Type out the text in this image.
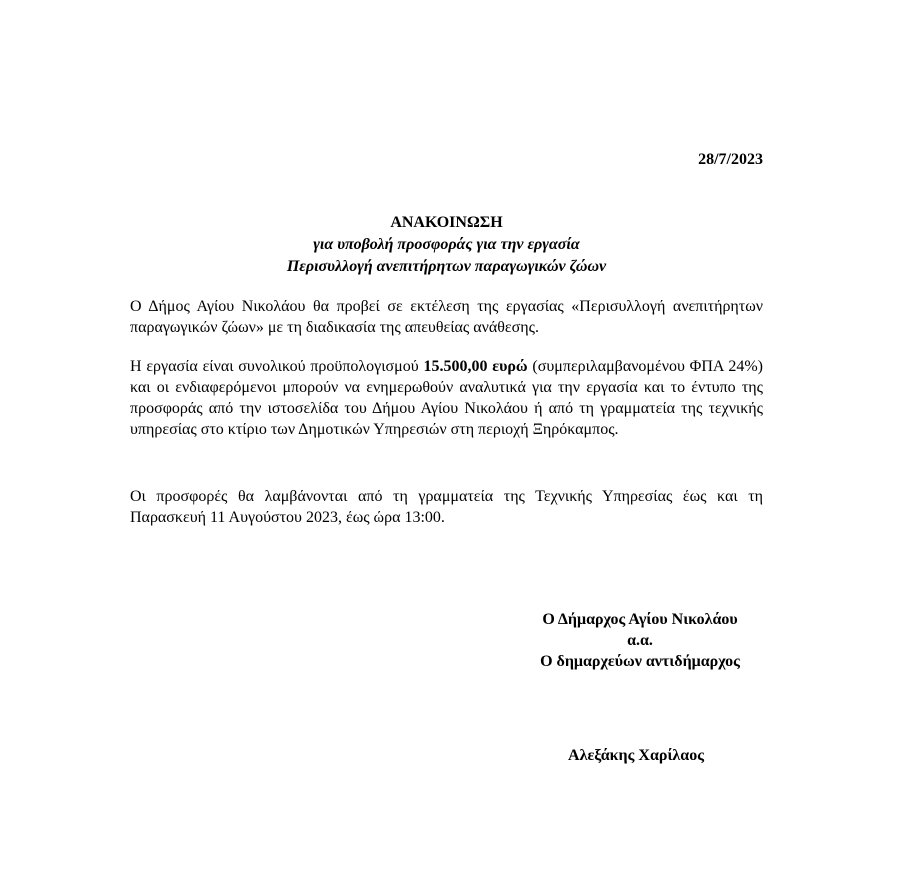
28/7/2023
ΑΝΑΚΟΙΝΩΣΗ
για υποβολή προσφοράς για την εργασία
Περισυλλογή ανεπιτήρητων παραγωγικών ζώων
Ο Δήμος Αγίου Νικολάου θα προβεί σε εκτέλεση της εργασίας «Περισυλλογή ανεπιτήρητων παραγωγικών ζώων» με τη διαδικασία της απευθείας ανάθεσης.
Η εργασία είναι συνολικού προϋπολογισμού 15.500,00 ευρώ (συμπεριλαμβανομένου ΦΠΑ 24%) και οι ενδιαφερόμενοι μπορούν να ενημερωθούν αναλυτικά για την εργασία και το έντυπο της προσφοράς από την ιστοσελίδα του Δήμου Αγίου Νικολάου ή από τη γραμματεία της τεχνικής υπηρεσίας στο κτίριο των Δημοτικών Υπηρεσιών στη περιοχή Ξηρόκαμπος.
Οι προσφορές θα λαμβάνονται από τη γραμματεία της Τεχνικής Υπηρεσίας έως και τη Παρασκευή 11 Αυγούστου 2023, έως ώρα 13:00.
Ο Δήμαρχος Αγίου Νικολάου
α.α.
Ο δημαρχεύων αντιδήμαρχος
Αλεξάκης Χαρίλαος
